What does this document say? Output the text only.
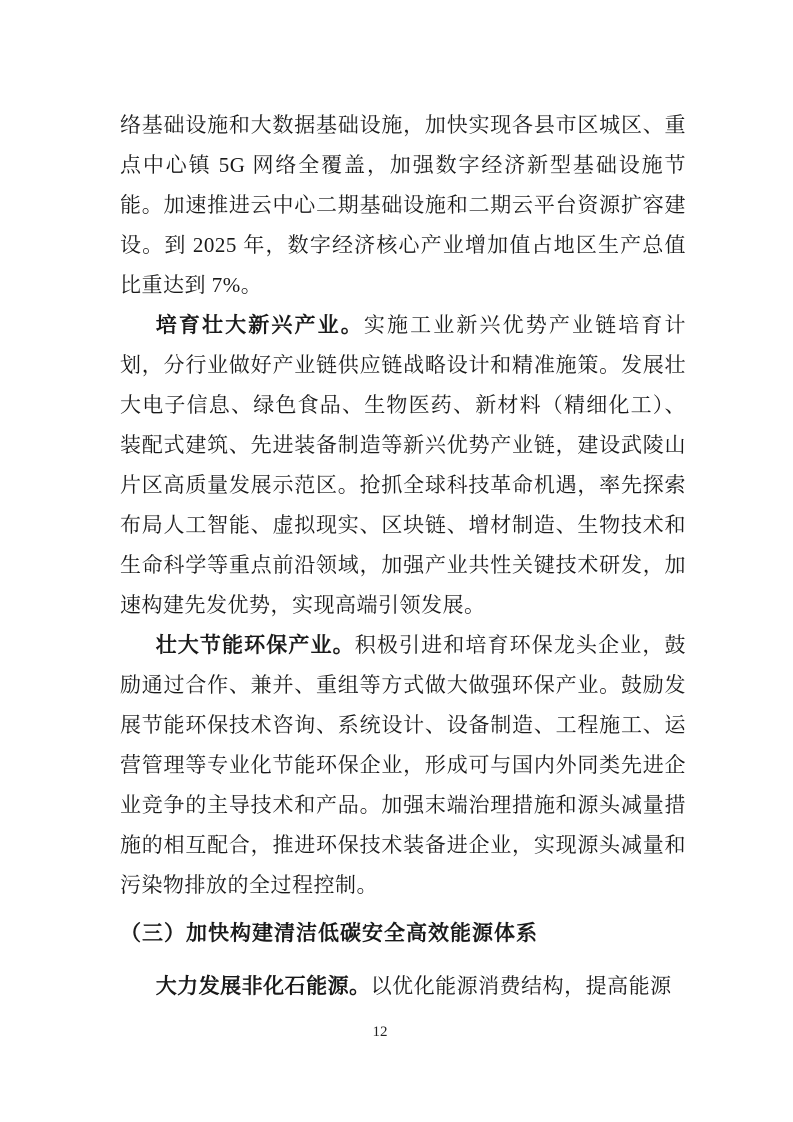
络基础设施和大数据基础设施，加快实现各县市区城区、重点中心镇 5G 网络全覆盖，加强数字经济新型基础设施节能。加速推进云中心二期基础设施和二期云平台资源扩容建设。到 2025 年，数字经济核心产业增加值占地区生产总值比重达到 7%。

培育壮大新兴产业。实施工业新兴优势产业链培育计划，分行业做好产业链供应链战略设计和精准施策。发展壮大电子信息、绿色食品、生物医药、新材料（精细化工）、装配式建筑、先进装备制造等新兴优势产业链，建设武陵山片区高质量发展示范区。抢抓全球科技革命机遇，率先探索布局人工智能、虚拟现实、区块链、增材制造、生物技术和生命科学等重点前沿领域，加强产业共性关键技术研发，加速构建先发优势，实现高端引领发展。

壮大节能环保产业。积极引进和培育环保龙头企业，鼓励通过合作、兼并、重组等方式做大做强环保产业。鼓励发展节能环保技术咨询、系统设计、设备制造、工程施工、运营管理等专业化节能环保企业，形成可与国内外同类先进企业竞争的主导技术和产品。加强末端治理措施和源头减量措施的相互配合，推进环保技术装备进企业，实现源头减量和污染物排放的全过程控制。

（三）加快构建清洁低碳安全高效能源体系

大力发展非化石能源。以优化能源消费结构，提高能源

12
